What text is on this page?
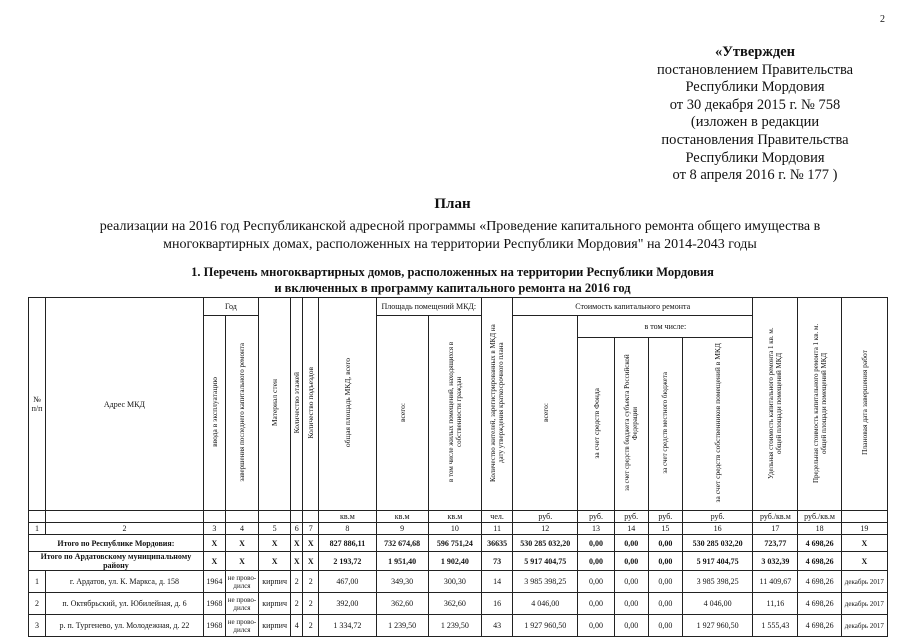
2
«Утвержден
постановлением Правительства
Республики Мордовия
от 30 декабря 2015 г. № 758
(изложен в редакции
постановления Правительства
Республики Мордовия
от 8 апреля 2016 г. № 177 )
План
реализации на 2016 год Республиканской адресной программы «Проведение капитального ремонта общего имущества в
многоквартирных домах, расположенных на территории Республики Мордовия" на 2014-2043 годы
1. Перечень многоквартирных домов, расположенных на территории Республики Мордовия
и включенных в программу капитального ремонта на 2016 год
№ п/п	Адрес МКД	Год		Материал стен	Количество этажей	Количество подъездов	общая площадь МКД, всего	Площадь помещений МКД:		Количество жителей, зарегистрированных в МКД на дату утверждения краткосрочного плана	Стоимость капитального ремонта					Удельная стоимость капитального ремонта 1 кв. м. общей площади помещений МКД	Предельная стоимость капитального ремонта 1 кв. м. общей площади помещений МКД	Плановая дата завершения работ
		ввода в эксплуатацию	завершения последнего капитального ремонта					всего:	в том числе жилых помещений, находящихся в собственности граждан		всего:	в том числе:						
												за счет средств Фонда	за счет средств бюджета субъекта Российской Федерации	за счет средств местного бюджета	за счет средств собственников помещений в МКД			
							кв.м	кв.м	кв.м	чел.	руб.	руб.	руб.	руб.	руб.	руб./кв.м	руб./кв.м	
1	2	3	4	5	6	7	8	9	10	11	12	13	14	15	16	17	18	19
Итого по Республике Мордовия:		X	X	X	X	X	827 886,11	732 674,68	596 751,24	36635	530 285 032,20	0,00	0,00	0,00	530 285 032,20	723,77	4 698,26	X
Итого по Ардатовскому муниципальному району		X	X	X	X	X	2 193,72	1 951,40	1 902,40	73	5 917 404,75	0,00	0,00	0,00	5 917 404,75	3 032,39	4 698,26	X
1	г. Ардатов, ул. К. Маркса, д. 158	1964	не прово-дился	кирпич	2	2	467,00	349,30	300,30	14	3 985 398,25	0,00	0,00	0,00	3 985 398,25	11 409,67	4 698,26	декабрь 2017
2	п. Октябрьский, ул. Юбилейная, д. 6	1968	не прово-дился	кирпич	2	2	392,00	362,60	362,60	16	4 046,00	0,00	0,00	0,00	4 046,00	11,16	4 698,26	декабрь 2017
3	р. п. Тургенево, ул. Молодежная, д. 22	1968	не прово-дился	кирпич	4	2	1 334,72	1 239,50	1 239,50	43	1 927 960,50	0,00	0,00	0,00	1 927 960,50	1 555,43	4 698,26	декабрь 2017
